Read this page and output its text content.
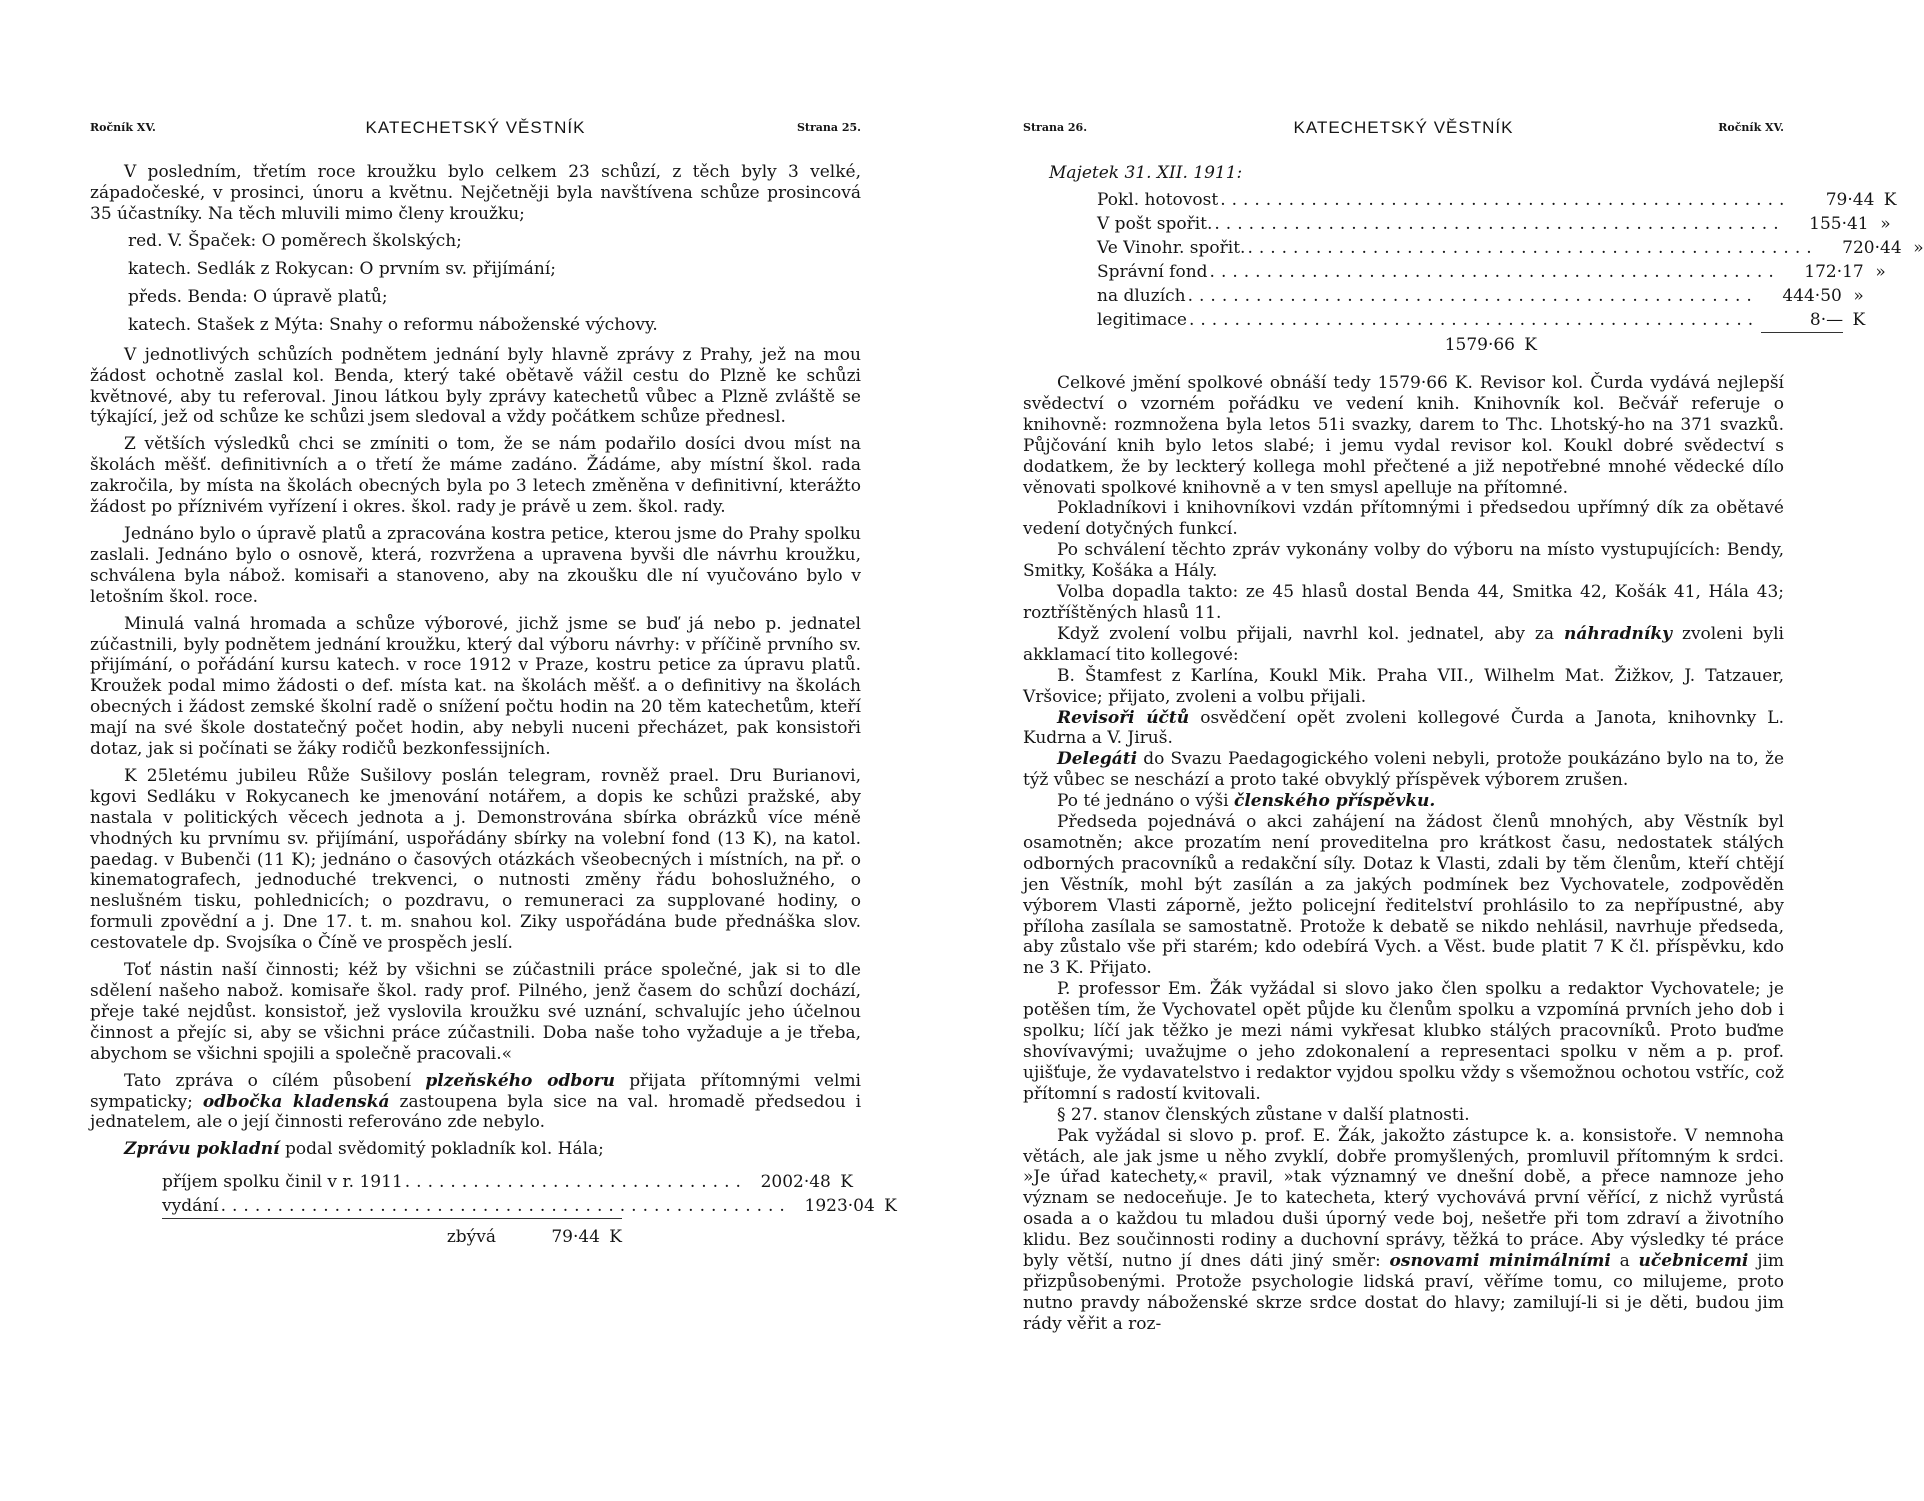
Ročník XV.	KATECHETSKÝ VĚSTNÍK	Strana 25.

V posledním, třetím roce kroužku bylo celkem 23 schůzí, z těch byly 3 velké, západočeské, v prosinci, únoru a květnu. Nejčetněji byla navštívena schůze prosincová 35 účastníky. Na těch mluvili mimo členy kroužku;

red. V. Špaček: O poměrech školských;
katech. Sedlák z Rokycan: O prvním sv. přijímání;
předs. Benda: O úpravě platů;
katech. Stašek z Mýta: Snahy o reformu náboženské výchovy.

V jednotlivých schůzích podnětem jednání byly hlavně zprávy z Prahy, jež na mou žádost ochotně zaslal kol. Benda, který také obětavě vážil cestu do Plzně ke schůzi květnové, aby tu referoval. Jinou látkou byly zprávy katechetů vůbec a Plzně zvláště se týkající, jež od schůze ke schůzi jsem sledoval a vždy počátkem schůze přednesl.

Z větších výsledků chci se zmíniti o tom, že se nám podařilo dosíci dvou míst na školách měšť. definitivních a o třetí že máme zadáno. Žádáme, aby místní škol. rada zakročila, by místa na školách obecných byla po 3 letech změněna v definitivní, kterážto žádost po příznivém vyřízení i okres. škol. rady je právě u zem. škol. rady.

Jednáno bylo o úpravě platů a zpracována kostra petice, kterou jsme do Prahy spolku zaslali. Jednáno bylo o osnově, která, rozvržena a upravena byvši dle návrhu kroužku, schválena byla nábož. komisaři a stanoveno, aby na zkoušku dle ní vyučováno bylo v letošním škol. roce.

Minulá valná hromada a schůze výborové, jichž jsme se buď já nebo p. jednatel zúčastnili, byly podnětem jednání kroužku, který dal výboru návrhy: v příčině prvního sv. přijímání, o pořádání kursu katech. v roce 1912 v Praze, kostru petice za úpravu platů. Kroužek podal mimo žádosti o def. místa kat. na školách měšť. a o definitivy na školách obecných i žádost zemské školní radě o snížení počtu hodin na 20 těm katechetům, kteří mají na své škole dostatečný počet hodin, aby nebyli nuceni přecházet, pak konsistoři dotaz, jak si počínati se žáky rodičů bezkonfessijních.

K 25letému jubileu Růže Sušilovy poslán telegram, rovněž prael. Dru Burianovi, kgovi Sedláku v Rokycanech ke jmenování notářem, a dopis ke schůzi pražské, aby nastala v politických věcech jednota a j. Demonstrována sbírka obrázků více méně vhodných ku prvnímu sv. přijímání, uspořádány sbírky na volební fond (13 K), na katol. paedag. v Bubenči (11 K); jednáno o časových otázkách všeobecných i místních, na př. o kinematografech, jednoduché trekvenci, o nutnosti změny řádu bohoslužného, o neslušném tisku, pohlednicích; o pozdravu, o remuneraci za supplované hodiny, o formuli zpovědní a j. Dne 17. t. m. snahou kol. Ziky uspořádána bude přednáška slov. cestovatele dp. Svojsíka o Číně ve prospěch jeslí.

Toť nástin naší činnosti; kéž by všichni se zúčastnili práce společné, jak si to dle sdělení našeho nabož. komisaře škol. rady prof. Pilného, jenž časem do schůzí dochází, přeje také nejdůst. konsistoř, jež vyslovila kroužku své uznání, schvalujíc jeho účelnou činnost a přejíc si, aby se všichni práce zúčastnili. Doba naše toho vyžaduje a je třeba, abychom se všichni spojili a společně pracovali.«

Tato zpráva o cílém působení plzeňského odboru přijata přítomnými velmi sympaticky; odbočka kladenská zastoupena byla sice na val. hromadě předsedou i jednatelem, ale o její činnosti referováno zde nebylo.

Zprávu pokladní podal svědomitý pokladník kol. Hála;

příjem spolku činil v r. 1911 .............................. 2002·48 K
vydání .................................................. 1923·04 K
zbývá	79·44 K
Strana 26.	KATECHETSKÝ VĚSTNÍK	Ročník XV.
Majetek 31. XII. 1911:
Pokl. hotovost ..................................................	79·44 K
V pošt spořit. ..................................................	155·41 »
Ve Vinohr. spořit. ..................................................	720·44 »
Správní fond ..................................................	172·17 »
na dluzích ..................................................	444·50 »
legitimace ..................................................	8·— K
1579·66 K

Celkové jmění spolkové obnáší tedy 1579·66 K. Revisor kol. Čurda vydává nejlepší svědectví o vzorném pořádku ve vedení knih. Knihovník kol. Bečvář referuje o knihovně: rozmnožena byla letos 51i svazky, darem to Thc. Lhotský-ho na 371 svazků. Půjčování knih bylo letos slabé; i jemu vydal revisor kol. Koukl dobré svědectví s dodatkem, že by leckterý kollega mohl přečtené a již nepotřebné mnohé vědecké dílo věnovati spolkové knihovně a v ten smysl apelluje na přítomné.

Pokladníkovi i knihovníkovi vzdán přítomnými i předsedou upřímný dík za obětavé vedení dotyčných funkcí.

Po schválení těchto zpráv vykonány volby do výboru na místo vystupujících: Bendy, Smitky, Košáka a Hály.

Volba dopadla takto: ze 45 hlasů dostal Benda 44, Smitka 42, Košák 41, Hála 43; roztříštěných hlasů 11.

Když zvolení volbu přijali, navrhl kol. jednatel, aby za náhradníky zvoleni byli akklamací tito kollegové:

B. Štamfest z Karlína, Koukl Mik. Praha VII., Wilhelm Mat. Žižkov, J. Tatzauer, Vršovice; přijato, zvoleni a volbu přijali.

Revisoři účtů osvědčení opět zvoleni kollegové Čurda a Janota, knihovnky L. Kudrna a V. Jiruš.

Delegáti do Svazu Paedagogického voleni nebyli, protože poukázáno bylo na to, že týž vůbec se neschází a proto také obvyklý příspěvek výborem zrušen.

Po té jednáno o výši členského příspěvku.

Předseda pojednává o akci zahájení na žádost členů mnohých, aby Věstník byl osamotněn; akce prozatím není proveditelna pro krátkost času, nedostatek stálých odborných pracovníků a redakční síly. Dotaz k Vlasti, zdali by těm členům, kteří chtějí jen Věstník, mohl být zasílán a za jakých podmínek bez Vychovatele, zodpověděn výborem Vlasti záporně, ježto policejní ředitelství prohlásilo to za nepřípustné, aby příloha zasílala se samostatně. Protože k debatě se nikdo nehlásil, navrhuje předseda, aby zůstalo vše při starém; kdo odebírá Vych. a Věst. bude platit 7 K čl. příspěvku, kdo ne 3 K. Přijato.

P. professor Em. Žák vyžádal si slovo jako člen spolku a redaktor Vychovatele; je potěšen tím, že Vychovatel opět půjde ku členům spolku a vzpomíná prvních jeho dob i spolku; líčí jak těžko je mezi námi vykřesat klubko stálých pracovníků. Proto buďme shovívavými; uvažujme o jeho zdokonalení a representaci spolku v něm a p. prof. ujišťuje, že vydavatelstvo i redaktor vyjdou spolku vždy s všemožnou ochotou vstříc, což přítomní s radostí kvitovali.

§ 27. stanov členských zůstane v další platnosti.

Pak vyžádal si slovo p. prof. E. Žák, jakožto zástupce k. a. konsistoře. V nemnoha větách, ale jak jsme u něho zvyklí, dobře promyšlených, promluvil přítomným k srdci. »Je úřad katechety,« pravil, »tak významný ve dnešní době, a přece namnoze jeho význam se nedoceňuje. Je to katecheta, který vychovává první věřící, z nichž vyrůstá osada a o každou tu mladou duši úporný vede boj, nešetře při tom zdraví a životního klidu. Bez součinnosti rodiny a duchovní správy, těžká to práce. Aby výsledky té práce byly větší, nutno jí dnes dáti jiný směr: osnovami minimálními a učebnicemi jim přizpůsobenými. Protože psychologie lidská praví, věříme tomu, co milujeme, proto nutno pravdy náboženské skrze srdce dostat do hlavy; zamilují-li si je děti, budou jim rády věřit a roz-
